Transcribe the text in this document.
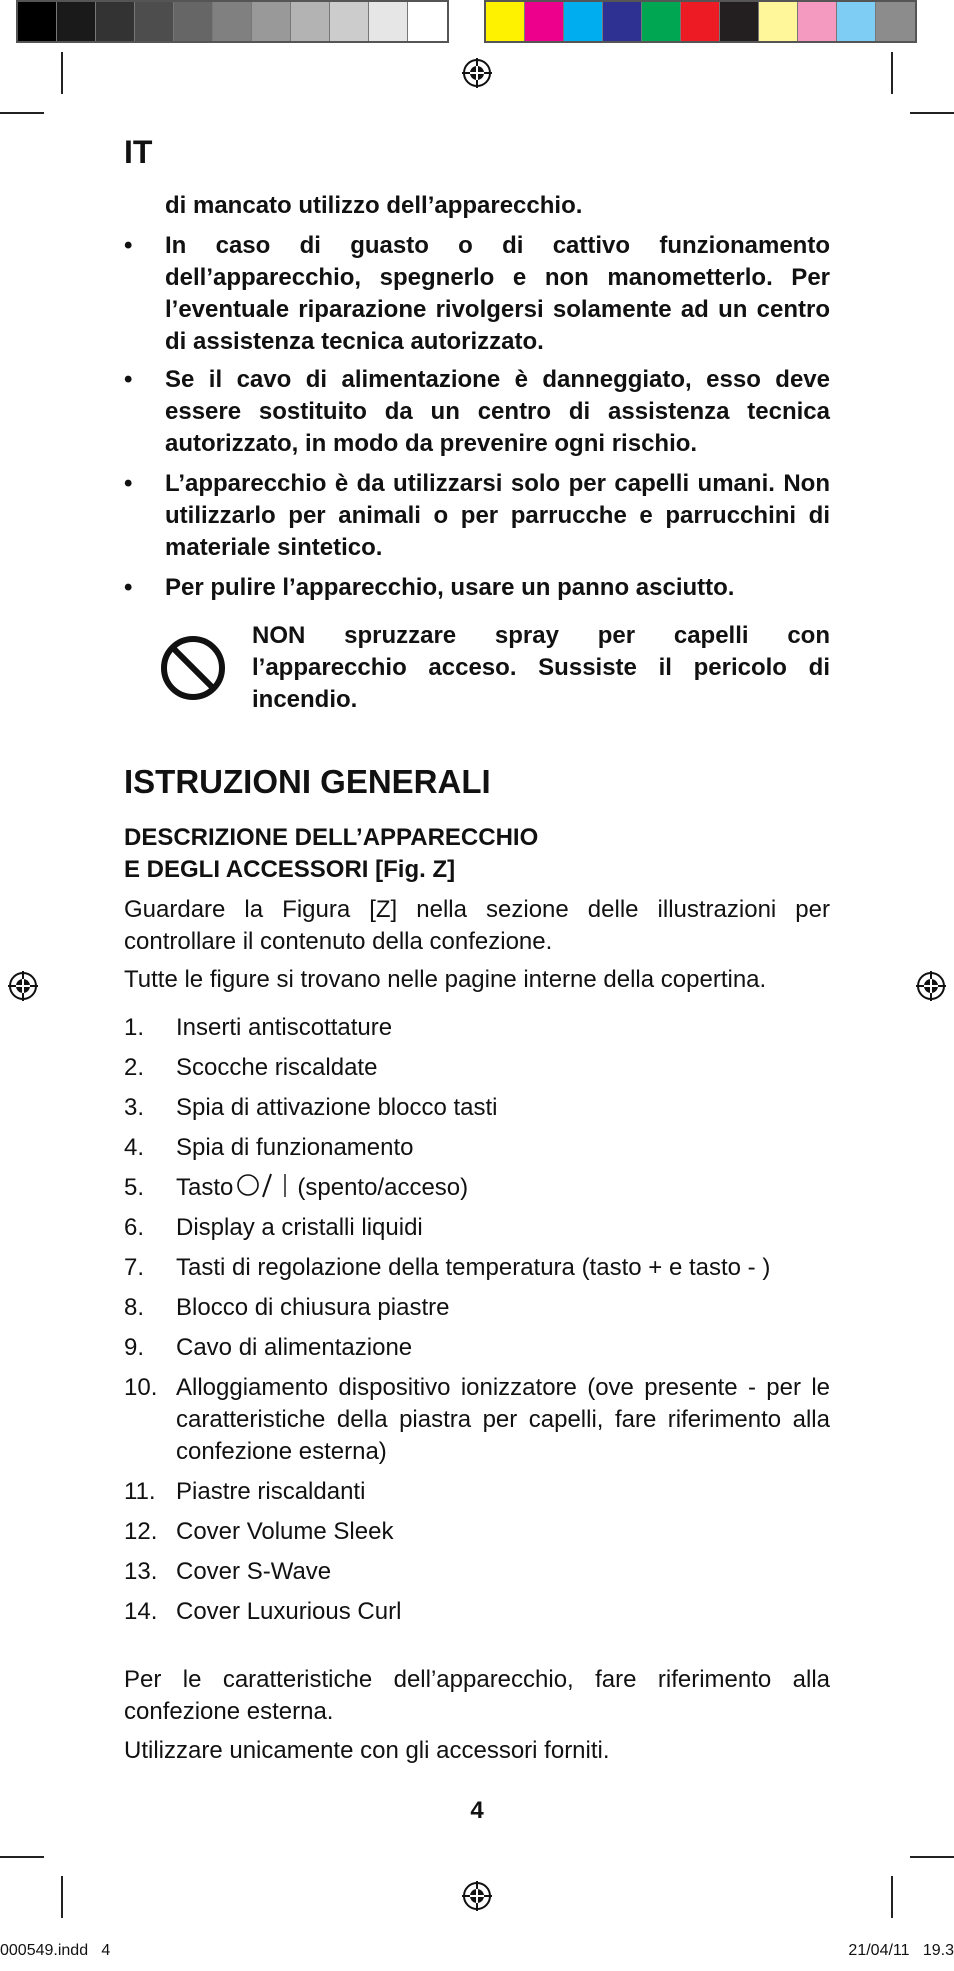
IT
di mancato utilizzo dell’apparecchio.
•	In caso di guasto o di cattivo funzionamento dell’apparecchio, spegnerlo e non manometterlo. Per l’eventuale riparazione rivolgersi solamente ad un centro di assistenza tecnica autorizzato.
•	Se il cavo di alimentazione è danneggiato, esso deve essere sostituito da un centro di assistenza tecnica autorizzato, in modo da prevenire ogni rischio.
•	L’apparecchio è da utilizzarsi solo per capelli umani. Non utilizzarlo per animali o per parrucche e parrucchini di materiale sintetico.
•	Per pulire l’apparecchio, usare un panno asciutto.
NON spruzzare spray per capelli con l’apparecchio acceso. Sussiste il pericolo di incendio.
ISTRUZIONI GENERALI
DESCRIZIONE DELL’APPARECCHIO
E DEGLI ACCESSORI [Fig. Z]
Guardare la Figura [Z] nella sezione delle illustrazioni per controllare il contenuto della confezione.
Tutte le figure si trovano nelle pagine interne della copertina.
1.	Inserti antiscottature
2.	Scocche riscaldate
3.	Spia di attivazione blocco tasti
4.	Spia di funzionamento
5.	Tasto	(spento/acceso)
6.	Display a cristalli liquidi
7.	Tasti di regolazione della temperatura (tasto + e tasto - )
8.	Blocco di chiusura piastre
9.	Cavo di alimentazione
10. Alloggiamento dispositivo ionizzatore (ove presente - per le caratteristiche della piastra per capelli, fare riferimento alla confezione esterna)
11. Piastre riscaldanti
12. Cover Volume Sleek
13. Cover S-Wave
14. Cover Luxurious Curl
Per le caratteristiche dell’apparecchio, fare riferimento alla confezione esterna.
Utilizzare unicamente con gli accessori forniti.
4
000549.indd   4	21/04/11   19.3
